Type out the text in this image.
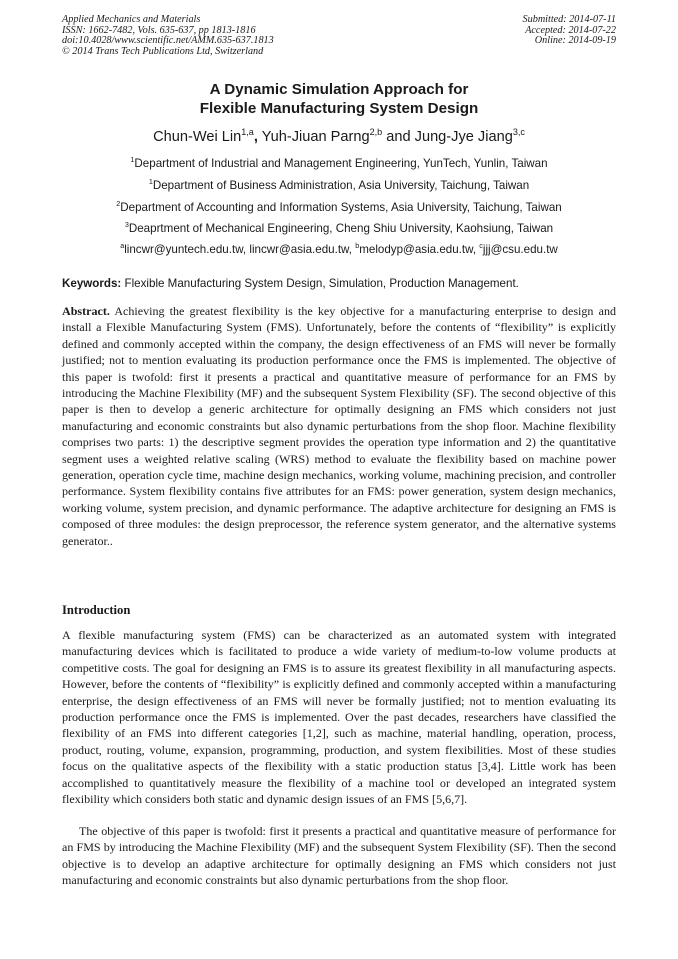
Applied Mechanics and Materials
ISSN: 1662-7482, Vols. 635-637, pp 1813-1816
doi:10.4028/www.scientific.net/AMM.635-637.1813
© 2014 Trans Tech Publications Ltd, Switzerland
Submitted: 2014-07-11
Accepted: 2014-07-22
Online: 2014-09-19
A Dynamic Simulation Approach for
Flexible Manufacturing System Design
Chun-Wei Lin$^{1,a}$, Yuh-Jiuan Parng$^{2,b}$ and Jung-Jye Jiang$^{3,c}$
$^1$Department of Industrial and Management Engineering, YunTech, Yunlin, Taiwan
$^1$Department of Business Administration, Asia University, Taichung, Taiwan
$^2$Department of Accounting and Information Systems, Asia University, Taichung, Taiwan
$^3$Deaprtment of Mechanical Engineering, Cheng Shiu University, Kaohsiung, Taiwan
$^a$lincwr@yuntech.edu.tw, lincwr@asia.edu.tw, $^b$melodyp@asia.edu.tw, $^c$jjj@csu.edu.tw
Keywords: Flexible Manufacturing System Design, Simulation, Production Management.

Abstract. Achieving the greatest flexibility is the key objective for a manufacturing enterprise to design and install a Flexible Manufacturing System (FMS). Unfortunately, before the contents of “flexibility” is explicitly defined and commonly accepted within the company, the design effectiveness of an FMS will never be formally justified; not to mention evaluating its production performance once the FMS is implemented. The objective of this paper is twofold: first it presents a practical and quantitative measure of performance for an FMS by introducing the Machine Flexibility (MF) and the subsequent System Flexibility (SF). The second objective of this paper is then to develop a generic architecture for optimally designing an FMS which considers not just manufacturing and economic constraints but also dynamic perturbations from the shop floor. Machine flexibility comprises two parts: 1) the descriptive segment provides the operation type information and 2) the quantitative segment uses a weighted relative scaling (WRS) method to evaluate the flexibility based on machine power generation, operation cycle time, machine design mechanics, working volume, machining precision, and controller performance. System flexibility contains five attributes for an FMS: power generation, system design mechanics, working volume, system precision, and dynamic performance. The adaptive architecture for designing an FMS is composed of three modules: the design preprocessor, the reference system generator, and the alternative systems generator..

Introduction

A flexible manufacturing system (FMS) can be characterized as an automated system with integrated manufacturing devices which is facilitated to produce a wide variety of medium-to-low volume products at competitive costs. The goal for designing an FMS is to assure its greatest flexibility in all manufacturing aspects. However, before the contents of “flexibility” is explicitly defined and commonly accepted within a manufacturing enterprise, the design effectiveness of an FMS will never be formally justified; not to mention evaluating its production performance once the FMS is implemented. Over the past decades, researchers have classified the flexibility of an FMS into different categories [1,2], such as machine, material handling, operation, process, product, routing, volume, expansion, programming, production, and system flexibilities. Most of these studies focus on the qualitative aspects of the flexibility with a static production status [3,4]. Little work has been accomplished to quantitatively measure the flexibility of a machine tool or developed an integrated system flexibility which considers both static and dynamic design issues of an FMS [5,6,7].

The objective of this paper is twofold: first it presents a practical and quantitative measure of performance for an FMS by introducing the Machine Flexibility (MF) and the subsequent System Flexibility (SF). Then the second objective is to develop an adaptive architecture for optimally designing an FMS which considers not just manufacturing and economic constraints but also dynamic perturbations from the shop floor.
